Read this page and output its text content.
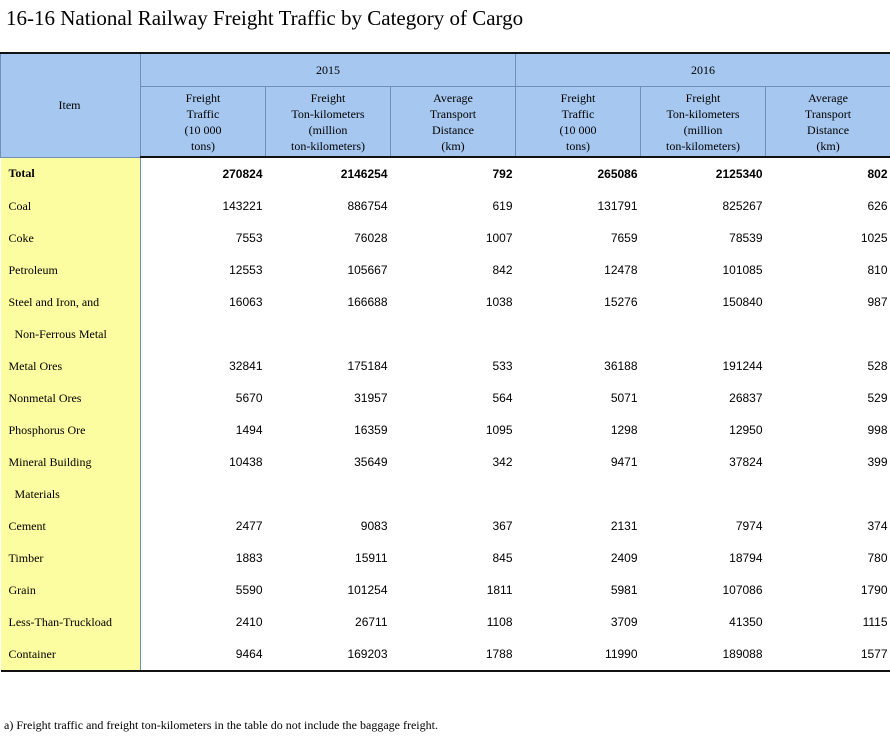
16-16 National Railway Freight Traffic by Category of Cargo
Item	2015			2016		

	Freight
Traffic
(10 000
tons)	Freight
Ton-kilometers
(million
ton-kilometers)	Average
Transport
Distance
(km)	Freight
Traffic
(10 000
tons)	Freight
Ton-kilometers
(million
ton-kilometers)	Average
Transport
Distance
(km)

Total	270824	2146254	792	265086	2125340	802
Coal	143221	886754	619	131791	825267	626
Coke	7553	76028	1007	7659	78539	1025
Petroleum	12553	105667	842	12478	101085	810
Steel and Iron, and	16063	166688	1038	15276	150840	987
Non-Ferrous Metal						
Metal Ores	32841	175184	533	36188	191244	528
Nonmetal Ores	5670	31957	564	5071	26837	529
Phosphorus Ore	1494	16359	1095	1298	12950	998
Mineral Building	10438	35649	342	9471	37824	399
Materials						
Cement	2477	9083	367	2131	7974	374
Timber	1883	15911	845	2409	18794	780
Grain	5590	101254	1811	5981	107086	1790
Less-Than-Truckload	2410	26711	1108	3709	41350	1115
Container	9464	169203	1788	11990	189088	1577
a) Freight traffic and freight ton-kilometers in the table do not include the baggage freight.
